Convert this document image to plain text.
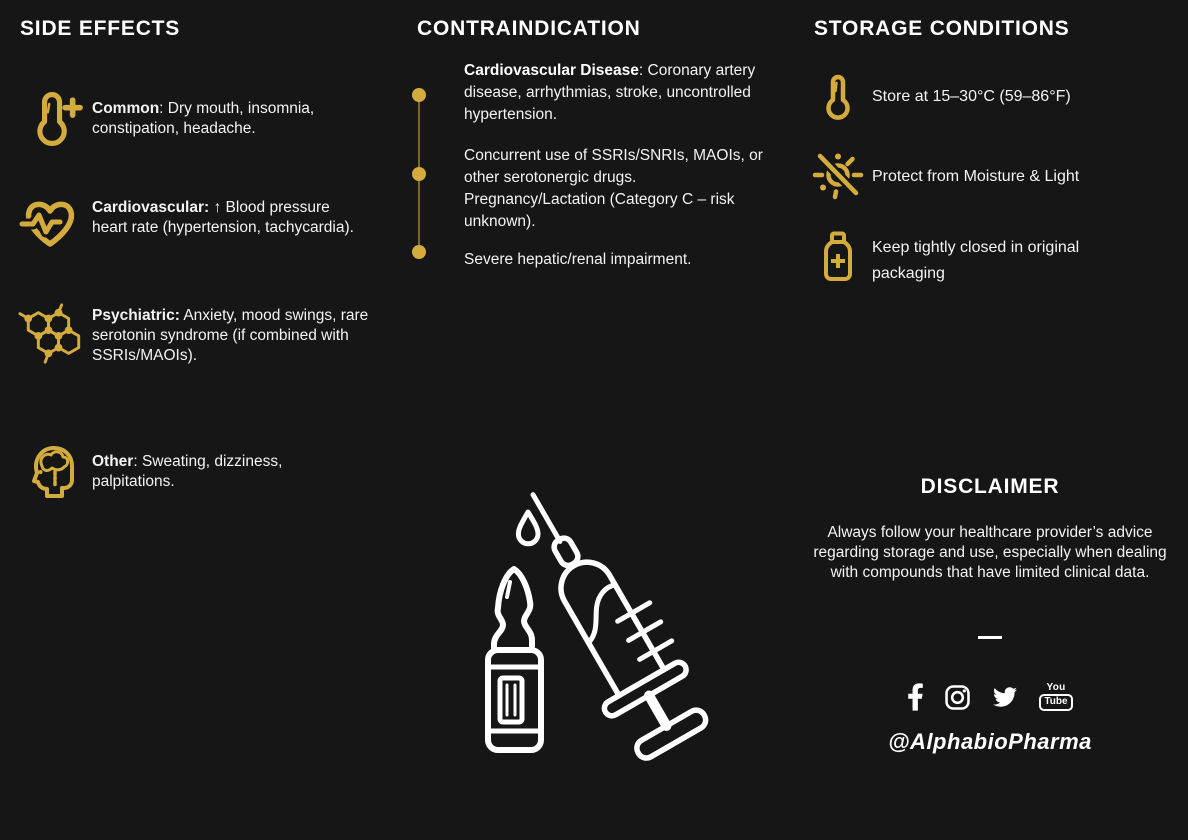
SIDE EFFECTS
Common: Dry mouth, insomnia, constipation, headache.
Cardiovascular: ↑ Blood pressure heart rate (hypertension, tachycardia).
Psychiatric: Anxiety, mood swings, rare serotonin syndrome (if combined with SSRIs/MAOIs).
Other: Sweating, dizziness, palpitations.
CONTRAINDICATION
Cardiovascular Disease: Coronary artery disease, arrhythmias, stroke, uncontrolled hypertension.
Concurrent use of SSRIs/SNRIs, MAOIs, or other serotonergic drugs.
Pregnancy/Lactation (Category C – risk unknown).
Severe hepatic/renal impairment.
STORAGE CONDITIONS
Store at 15–30°C (59–86°F)
Protect from Moisture & Light
Keep tightly closed in original packaging
DISCLAIMER
Always follow your healthcare provider’s advice regarding storage and use, especially when dealing with compounds that have limited clinical data.
You
Tube
@AlphabioPharma
